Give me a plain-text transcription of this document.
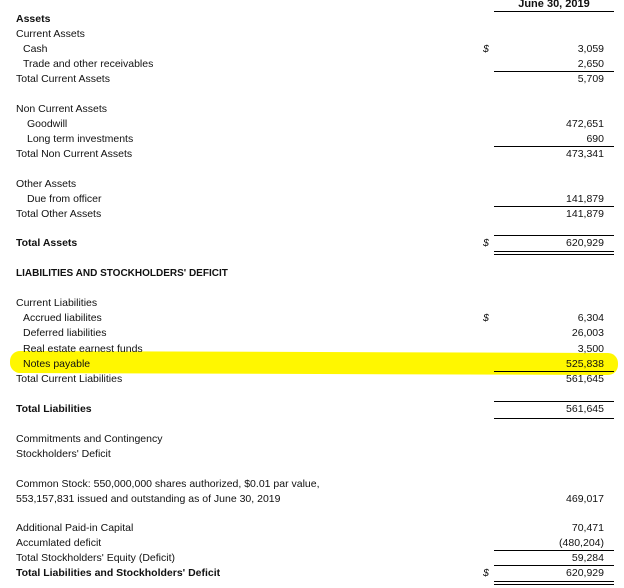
June 30, 2019
Assets
Current Assets
Cash	$	3,059
Trade and other receivables	2,650
Total Current Assets	5,709
Non Current Assets
Goodwill	472,651
Long term investments	690
Total Non Current Assets	473,341
Other Assets
Due from officer	141,879
Total Other Assets	141,879
Total Assets	$	620,929
LIABILITIES AND STOCKHOLDERS' DEFICIT
Current Liabilities
Accrued liabilites	$	6,304
Deferred liabilities	26,003
Real estate earnest funds	3,500
Notes payable	525,838
Total Current Liabilities	561,645
Total Liabilities	561,645
Commitments and Contingency
Stockholders' Deficit
Common Stock: 550,000,000 shares authorized, $0.01 par value,
553,157,831 issued and outstanding as of June 30, 2019	469,017
Additional Paid-in Capital	70,471
Accumlated deficit	(480,204)
Total Stockholders' Equity (Deficit)	59,284
Total Liabilities and Stockholders' Deficit	$	620,929
